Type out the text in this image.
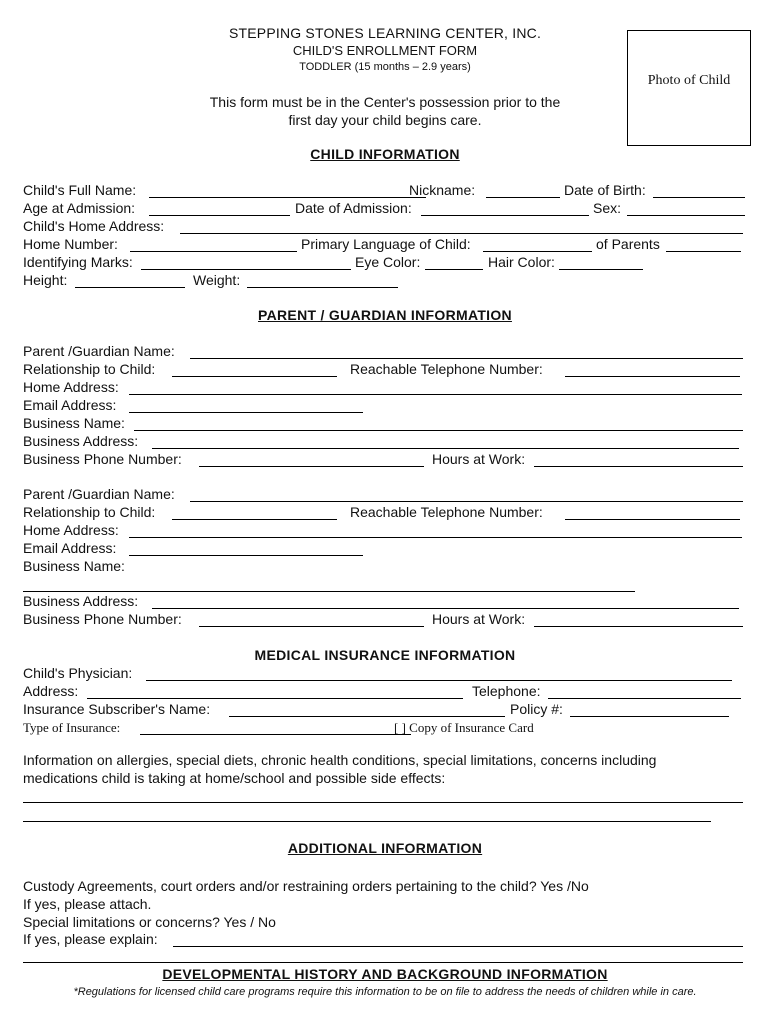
STEPPING STONES LEARNING CENTER, INC.
CHILD'S ENROLLMENT FORM
TODDLER (15 months – 2.9 years)
This form must be in the Center's possession prior to the
first day your child begins care.
Photo of Child
CHILD INFORMATION
Child's Full Name:	Nickname:	Date of Birth:
Age at Admission:	Date of Admission:	Sex:
Child's Home Address:
Home Number:	Primary Language of Child:	of Parents
Identifying Marks:	Eye Color:	Hair Color:
Height:	Weight:
PARENT / GUARDIAN INFORMATION
Parent /Guardian Name:
Relationship to Child:	Reachable Telephone Number:
Home Address:
Email Address:
Business Name:
Business Address:
Business Phone Number:	Hours at Work:
Parent /Guardian Name:
Relationship to Child:	Reachable Telephone Number:
Home Address:
Email Address:
Business Name:
Business Address:
Business Phone Number:	Hours at Work:
MEDICAL INSURANCE INFORMATION
Child's Physician:
Address:	Telephone:
Insurance Subscriber's Name:	Policy #:
Type of Insurance:	[ ] Copy of Insurance Card
Information on allergies, special diets, chronic health conditions, special limitations, concerns including
medications child is taking at home/school and possible side effects:
ADDITIONAL INFORMATION
Custody Agreements, court orders and/or restraining orders pertaining to the child? Yes /No
If yes, please attach.
Special limitations or concerns? Yes / No
If yes, please explain:
DEVELOPMENTAL HISTORY AND BACKGROUND INFORMATION
*Regulations for licensed child care programs require this information to be on file to address the needs of children while in care.
